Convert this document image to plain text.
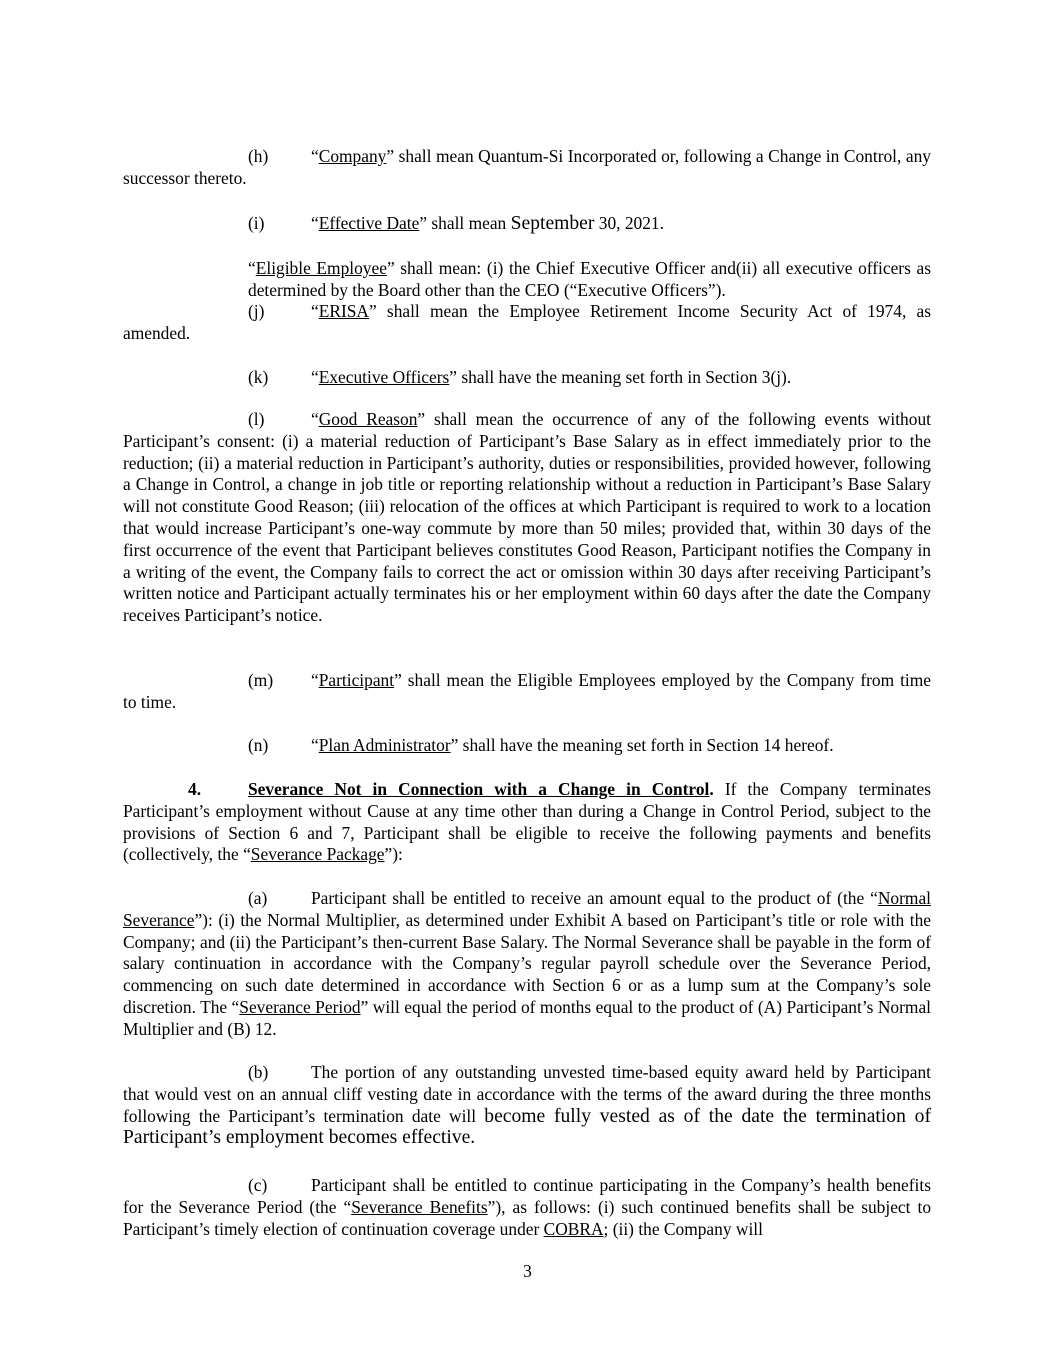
(h) “Company” shall mean Quantum-Si Incorporated or, following a Change in Control, any successor thereto.
(i)	“Effective Date” shall mean September 30, 2021.
“Eligible Employee” shall mean: (i) the Chief Executive Officer and(ii) all executive officers as determined by the Board other than the CEO (“Executive Officers”).
(j)	“ERISA” shall mean the Employee Retirement Income Security Act of 1974, as amended.
(k) “Executive Officers” shall have the meaning set forth in Section 3(j).
(l)	“Good Reason” shall mean the occurrence of any of the following events without Participant’s consent: (i) a material reduction of Participant’s Base Salary as in effect immediately prior to the reduction; (ii) a material reduction in Participant’s authority, duties or responsibilities, provided however, following a Change in Control, a change in job title or reporting relationship without a reduction in Participant’s Base Salary will not constitute Good Reason; (iii) relocation of the offices at which Participant is required to work to a location that would increase Participant’s one-way commute by more than 50 miles; provided that, within 30 days of the first occurrence of the event that Participant believes constitutes Good Reason, Participant notifies the Company in a writing of the event, the Company fails to correct the act or omission within 30 days after receiving Participant’s written notice and Participant actually terminates his or her employment within 60 days after the date the Company receives Participant’s notice.
(m) “Participant” shall mean the Eligible Employees employed by the Company from time to time.
(n) “Plan Administrator” shall have the meaning set forth in Section 14 hereof.
4.	Severance Not in Connection with a Change in Control. If the Company terminates Participant’s employment without Cause at any time other than during a Change in Control Period, subject to the provisions of Section 6 and 7, Participant shall be eligible to receive the following payments and benefits (collectively, the “Severance Package”):
(a)	Participant shall be entitled to receive an amount equal to the product of (the “Normal Severance”): (i) the Normal Multiplier, as determined under Exhibit A based on Participant’s title or role with the Company; and (ii) the Participant’s then-current Base Salary. The Normal Severance shall be payable in the form of salary continuation in accordance with the Company’s regular payroll schedule over the Severance Period, commencing on such date determined in accordance with Section 6 or as a lump sum at the Company’s sole discretion. The “Severance Period” will equal the period of months equal to the product of (A) Participant’s Normal Multiplier and (B) 12.
(b) The portion of any outstanding unvested time-based equity award held by Participant that would vest on an annual cliff vesting date in accordance with the terms of the award during the three months following the Participant’s termination date will become fully vested as of the date the termination of Participant’s employment becomes effective.
(c)	Participant shall be entitled to continue participating in the Company’s health benefits for the Severance Period (the “Severance Benefits”), as follows: (i) such continued benefits shall be subject to Participant’s timely election of continuation coverage under COBRA; (ii) the Company will
3
